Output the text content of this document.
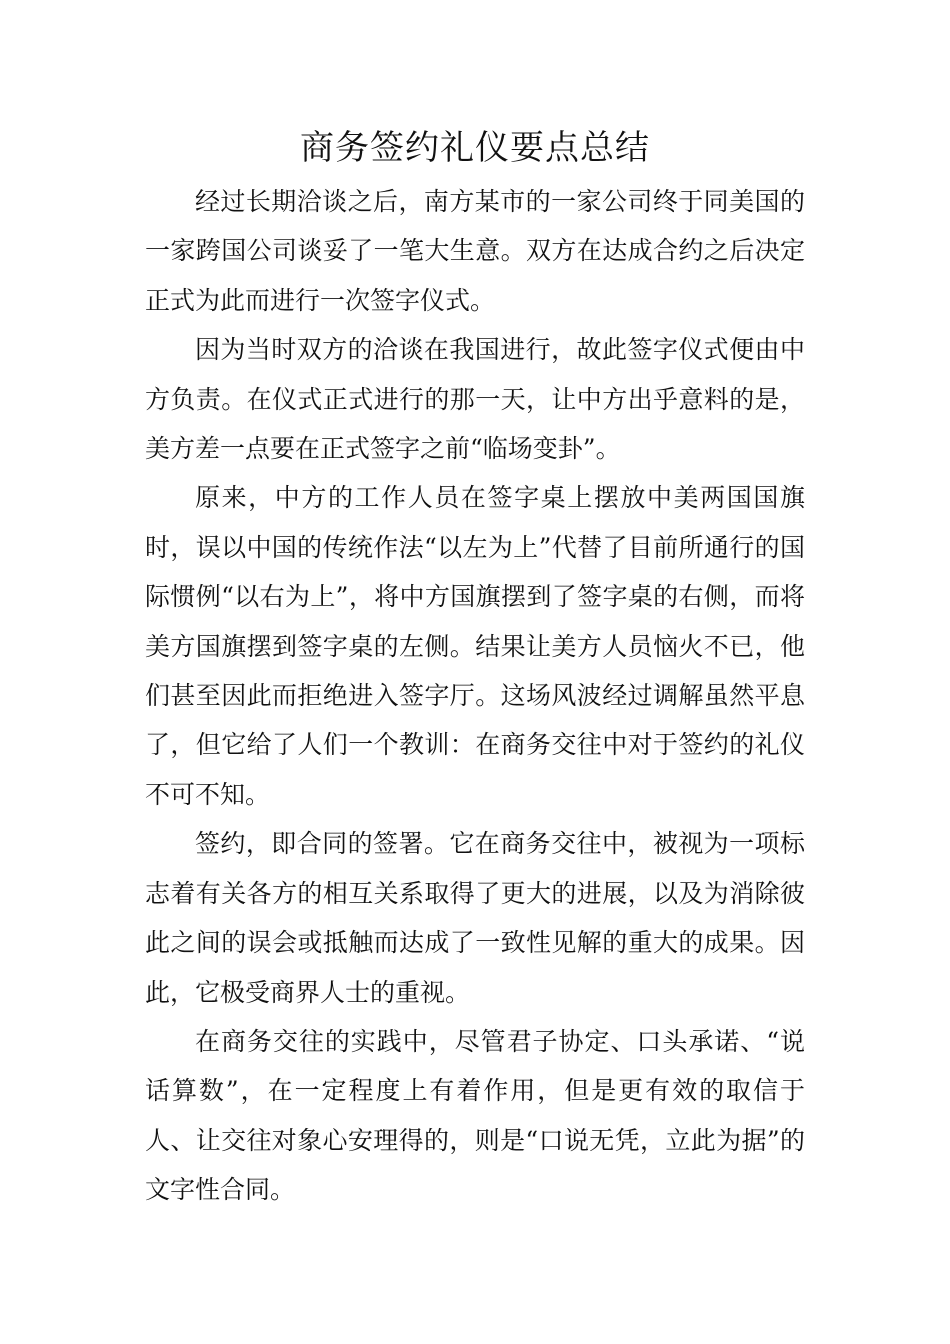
商务签约礼仪要点总结

经过长期洽谈之后，南方某市的一家公司终于同美国的一家跨国公司谈妥了一笔大生意。双方在达成合约之后决定正式为此而进行一次签字仪式。

因为当时双方的洽谈在我国进行，故此签字仪式便由中方负责。在仪式正式进行的那一天，让中方出乎意料的是，美方差一点要在正式签字之前“临场变卦”。

原来，中方的工作人员在签字桌上摆放中美两国国旗时，误以中国的传统作法“以左为上”代替了目前所通行的国际惯例“以右为上”，将中方国旗摆到了签字桌的右侧，而将美方国旗摆到签字桌的左侧。结果让美方人员恼火不已，他们甚至因此而拒绝进入签字厅。这场风波经过调解虽然平息了，但它给了人们一个教训：在商务交往中对于签约的礼仪不可不知。

签约，即合同的签署。它在商务交往中，被视为一项标志着有关各方的相互关系取得了更大的进展，以及为消除彼此之间的误会或抵触而达成了一致性见解的重大的成果。因此，它极受商界人士的重视。

在商务交往的实践中，尽管君子协定、口头承诺、“说话算数”，在一定程度上有着作用，但是更有效的取信于人、让交往对象心安理得的，则是“口说无凭，立此为据”的文字性合同。
